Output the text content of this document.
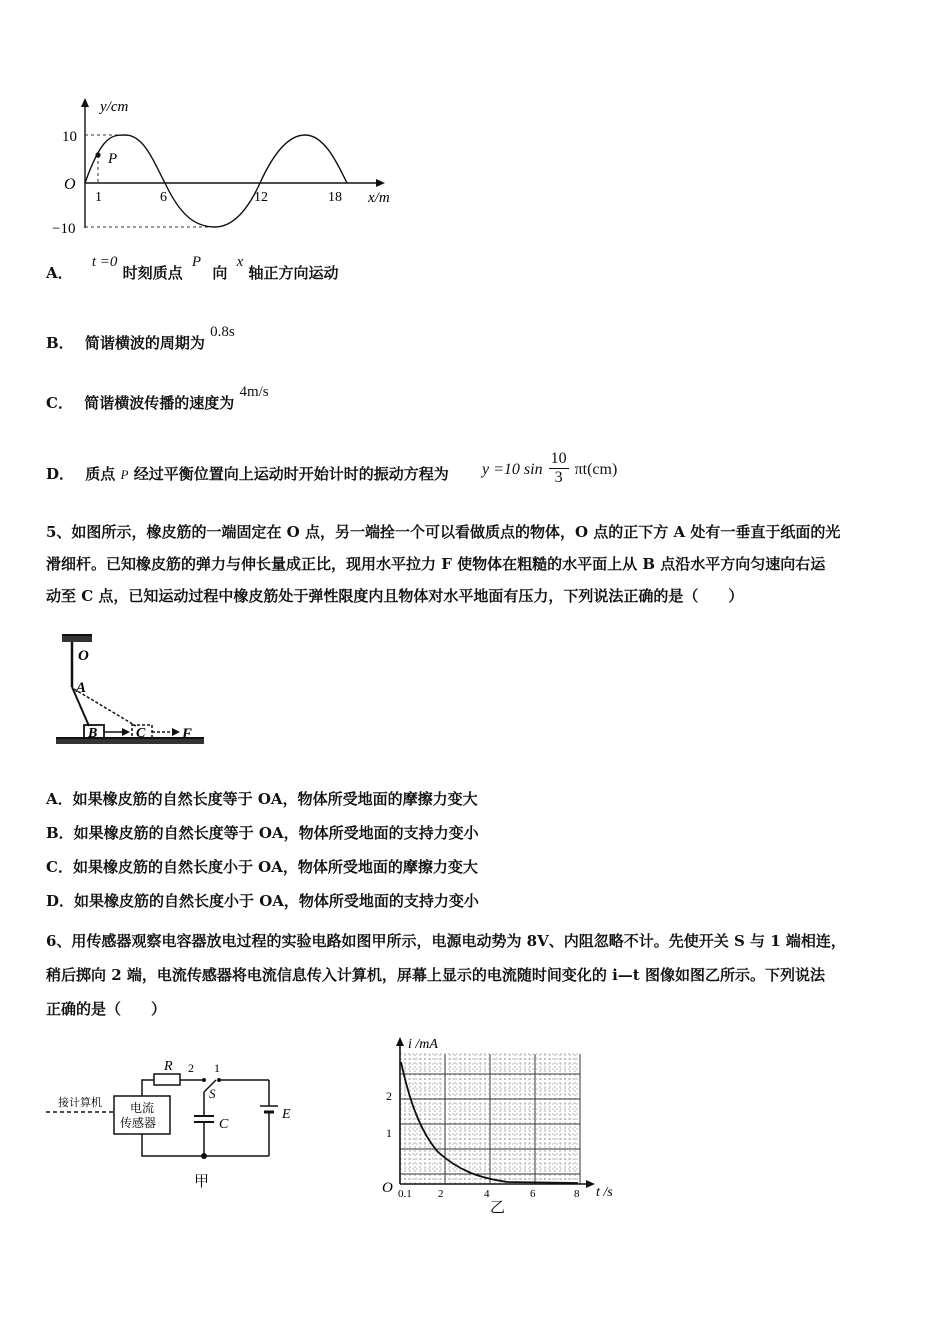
y/cm
x/m
10
−10
O
P
1	6	12	18
A． t =0 时刻质点 P 向 x 轴正方向运动
B． 简谐横波的周期为 0.8s
C． 简谐横波传播的速度为 4m/s
D． 质点 P 经过平衡位置向上运动时开始计时的振动方程为 y =10 $\sin \frac{10}{3} \pi t(cm)$
5、如图所示，橡皮筋的一端固定在 O 点，另一端拴一个可以看做质点的物体，O 点的正下方 A 处有一垂直于纸面的光
滑细杆。已知橡皮筋的弹力与伸长量成正比，现用水平拉力 F 使物体在粗糙的水平面上从 B 点沿水平方向匀速向右运
动至 C 点，已知运动过程中橡皮筋处于弹性限度内且物体对水平地面有压力，下列说法正确的是（　　）
O
A
B	C F
A．如果橡皮筋的自然长度等于 OA，物体所受地面的摩擦力变大
B．如果橡皮筋的自然长度等于 OA，物体所受地面的支持力变小
C．如果橡皮筋的自然长度小于 OA，物体所受地面的摩擦力变大
D．如果橡皮筋的自然长度小于 OA，物体所受地面的支持力变小
6、用传感器观察电容器放电过程的实验电路如图甲所示，电源电动势为 8V、内阻忽略不计。先使开关 S 与 1 端相连，
稍后掷向 2 端，电流传感器将电流信息传入计算机，屏幕上显示的电流随时间变化的 i—t 图像如图乙所示。下列说法
正确的是（　　）
接计算机 电流
传感器
R 2 1
S
C
E
甲
i /mA
t /s
O
2
1
0.1 2	4	6	8
乙
